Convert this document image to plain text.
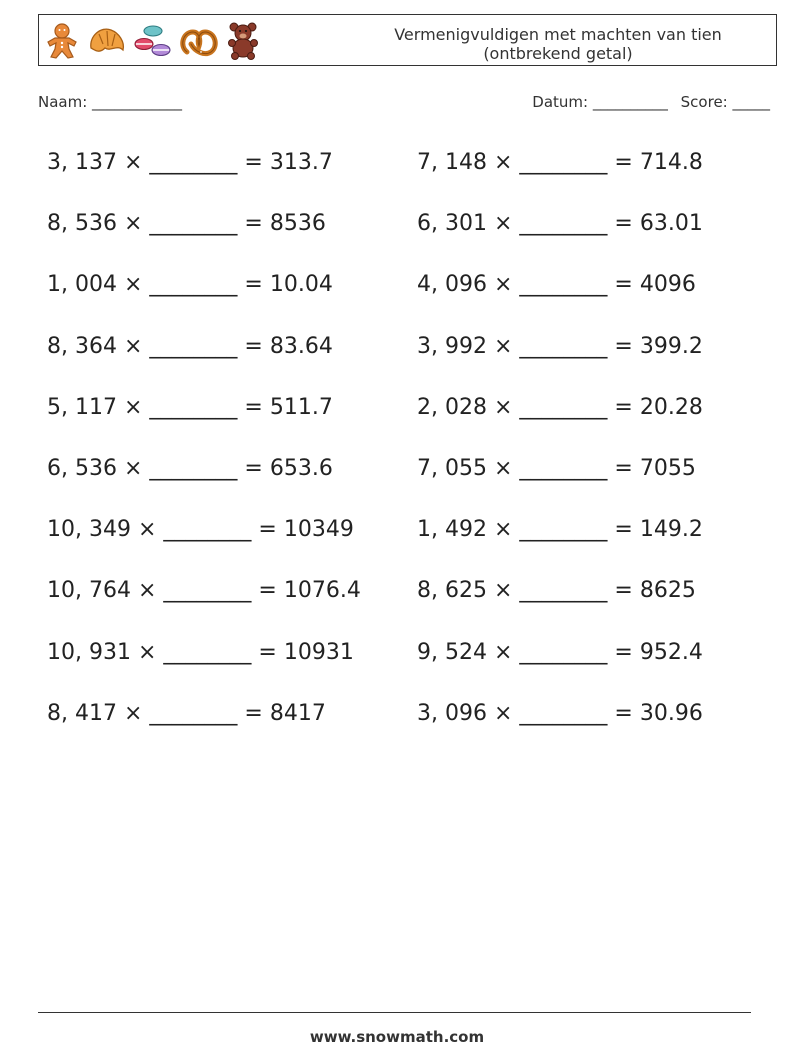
Vermenigvuldigen met machten van tien
(ontbrekend getal)
Naam: ____________	Datum: __________ Score: _____
3, 137 × ________ = 313.7	7, 148 × ________ = 714.8
8, 536 × ________ = 8536	6, 301 × ________ = 63.01
1, 004 × ________ = 10.04	4, 096 × ________ = 4096
8, 364 × ________ = 83.64	3, 992 × ________ = 399.2
5, 117 × ________ = 511.7	2, 028 × ________ = 20.28
6, 536 × ________ = 653.6	7, 055 × ________ = 7055
10, 349 × ________ = 10349	1, 492 × ________ = 149.2
10, 764 × ________ = 1076.4	8, 625 × ________ = 8625
10, 931 × ________ = 10931	9, 524 × ________ = 952.4
8, 417 × ________ = 8417	3, 096 × ________ = 30.96
www.snowmath.com
